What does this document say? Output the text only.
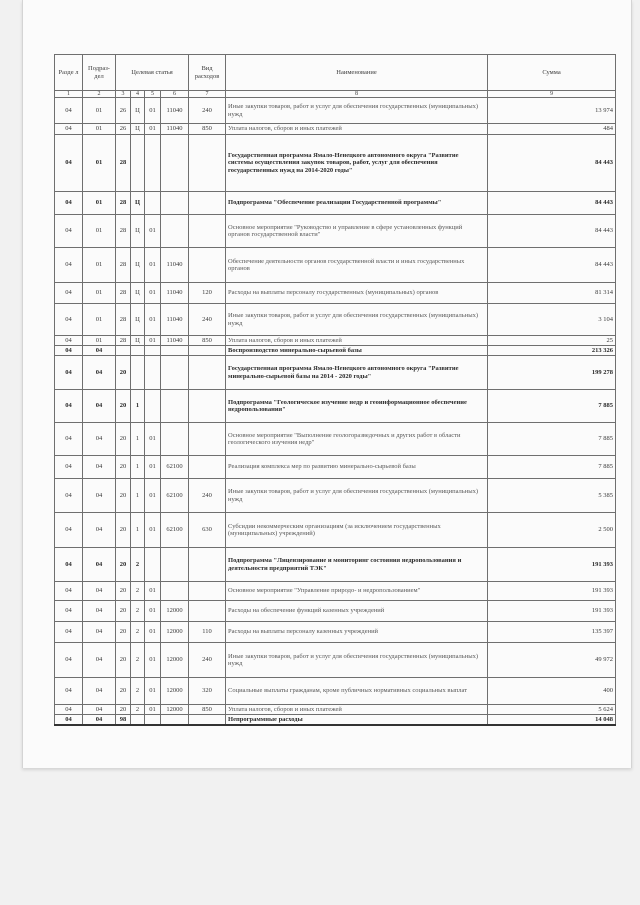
Разде л	Подраз- дел	Целевая статья				Вид расходов	Наименование	Сумма
1	2	3	4	5	6	7	8	9
04	01	26	Ц	01	11040	240	Иные закупки товаров, работ и услуг для обеспечения государственных (муниципальных) нужд	13 974
04	01	26	Ц	01	11040	850	Уплата налогов, сборов и иных платежей	484
04	01	28					Государственная программа Ямало-Ненецкого автономного округа "Развитие системы осуществления закупок товаров, работ, услуг для обеспечения государственных нужд на 2014-2020 годы"	84 443
04	01	28	Ц				Подпрограмма "Обеспечение реализации Государственной программы"	84 443
04	01	28	Ц	01			Основное мероприятие "Руководство и управление в сфере установленных функций органов государственной власти"	84 443
04	01	28	Ц	01	11040		Обеспечение деятельности органов государственной власти и иных государственных органов	84 443
04	01	28	Ц	01	11040	120	Расходы на выплаты персоналу государственных (муниципальных) органов	81 314
04	01	28	Ц	01	11040	240	Иные закупки товаров, работ и услуг для обеспечения государственных (муниципальных) нужд	3 104
04	01	28	Ц	01	11040	850	Уплата налогов, сборов и иных платежей	25
04	04						Воспроизводство минерально-сырьевой базы	213 326
04	04	20					Государственная программа Ямало-Ненецкого автономного округа "Развитие минерально-сырьевой базы на 2014 - 2020 годы"	199 278
04	04	20	1				Подпрограмма "Геологическое изучение недр и геоинформационное обеспечение недропользования"	7 885
04	04	20	1	01			Основное мероприятие "Выполнение геологоразведочных и других работ в области геологического изучения недр"	7 885
04	04	20	1	01	62100		Реализация комплекса мер по развитию минерально-сырьевой базы	7 885
04	04	20	1	01	62100	240	Иные закупки товаров, работ и услуг для обеспечения государственных (муниципальных) нужд	5 385
04	04	20	1	01	62100	630	Субсидии некоммерческим организациям (за исключением государственных (муниципальных) учреждений)	2 500
04	04	20	2				Подпрограмма "Лицензирование и мониторинг состояния недропользования и деятельности предприятий ТЭК"	191 393
04	04	20	2	01			Основное мероприятие "Управление природо- и недропользованием"	191 393
04	04	20	2	01	12000		Расходы на обеспечение функций казенных учреждений	191 393
04	04	20	2	01	12000	110	Расходы на выплаты персоналу казенных учреждений	135 397
04	04	20	2	01	12000	240	Иные закупки товаров, работ и услуг для обеспечения государственных (муниципальных) нужд	49 972
04	04	20	2	01	12000	320	Социальные выплаты гражданам, кроме публичных нормативных социальных выплат	400
04	04	20	2	01	12000	850	Уплата налогов, сборов и иных платежей	5 624
04	04	98					Непрограммные расходы	14 048
